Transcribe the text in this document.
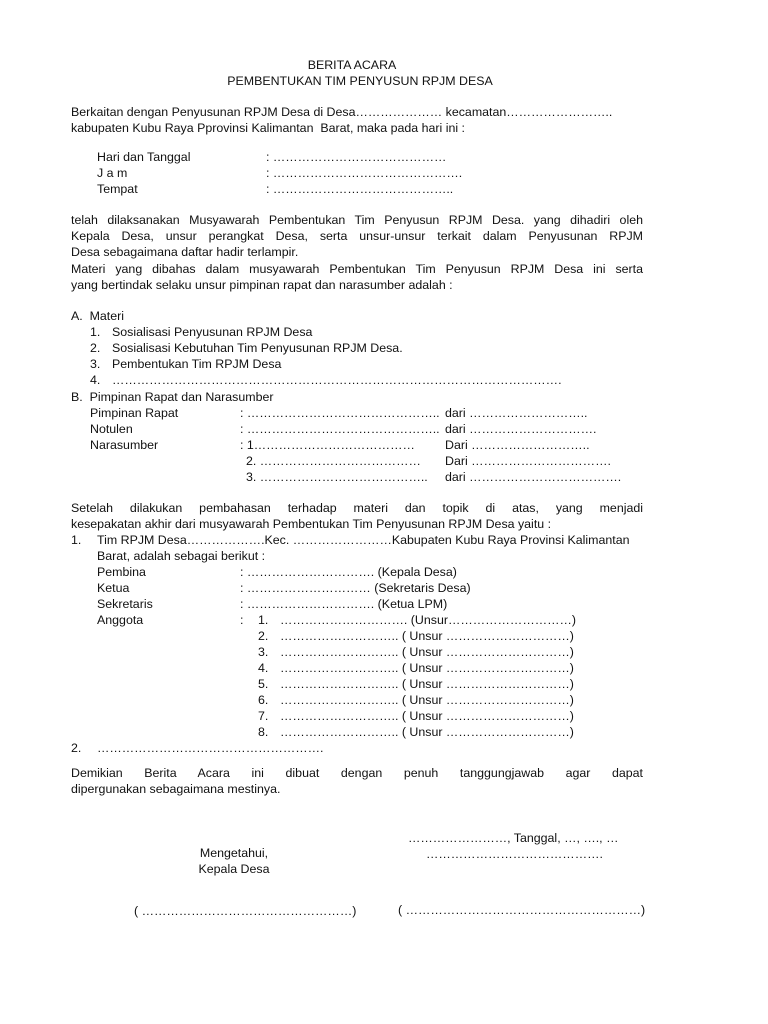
BERITA ACARA
PEMBENTUKAN TIM PENYUSUN RPJM DESA
Berkaitan dengan Penyusunan RPJM Desa di Desa………………… kecamatan……………………..
kabupaten Kubu Raya Pprovinsi Kalimantan  Barat, maka pada hari ini :
Hari dan Tanggal	: ……………………………………
J a m	: ……………………………………….
Tempat	: ……………………………………..

telah dilaksanakan Musyawarah Pembentukan Tim Penyusun RPJM Desa. yang dihadiri oleh

Kepala Desa, unsur perangkat Desa, serta unsur-unsur terkait dalam Penyusunan RPJM

Desa sebagaimana daftar hadir terlampir.

Materi yang dibahas dalam musyawarah Pembentukan Tim Penyusun RPJM Desa ini serta

yang bertindak selaku unsur pimpinan rapat dan narasumber adalah :

A.  Materi
1. Sosialisasi Penyusunan RPJM Desa
2. Sosialisasi Kebutuhan Tim Penyusunan RPJM Desa.
3. Pembentukan Tim RPJM Desa
4. ……………………………………………………………………………………………….
B.  Pimpinan Rapat dan Narasumber
Pimpinan Rapat	: ……………………………………….. dari ………………………..
Notulen	: ……………………………………….. dari ………………………….
Narasumber	: 1………………………………… Dari ………………………..
2. ………………………………… Dari …………………………….
3. ………………………………….. dari ……………………………….

Setelah dilakukan pembahasan terhadap materi dan topik di atas, yang menjadi

kesepakatan akhir dari musyawarah Pembentukan Tim Penyusunan RPJM Desa yaitu :

1. Tim RPJM Desa……………….Kec. ……………………Kabupaten Kubu Raya Provinsi Kalimantan
Barat, adalah sebagai berikut :
Pembina	: …………………………. (Kepala Desa)
Ketua	: ………………………… (Sekretaris Desa)
Sekretaris	: …………………………. (Ketua LPM)
Anggota	: 1. …………………………. (Unsur…………………………)
2. ……………………….. ( Unsur …………………………)
3. ……………………….. ( Unsur …………………………)
4. ……………………….. ( Unsur …………………………)
5. ……………………….. ( Unsur …………………………)
6. ……………………….. ( Unsur …………………………)
7. ……………………….. ( Unsur …………………………)
8. ……………………….. ( Unsur …………………………)
2. ……………………………………………….

Demikian Berita Acara ini dibuat dengan penuh tanggungjawab agar dapat

dipergunakan sebagaimana mestinya.

……………………, Tanggal, …, …., …
…………………………………….
Mengetahui,
Kepala Desa
( ……………………………………………)	( …………………………………………………)
